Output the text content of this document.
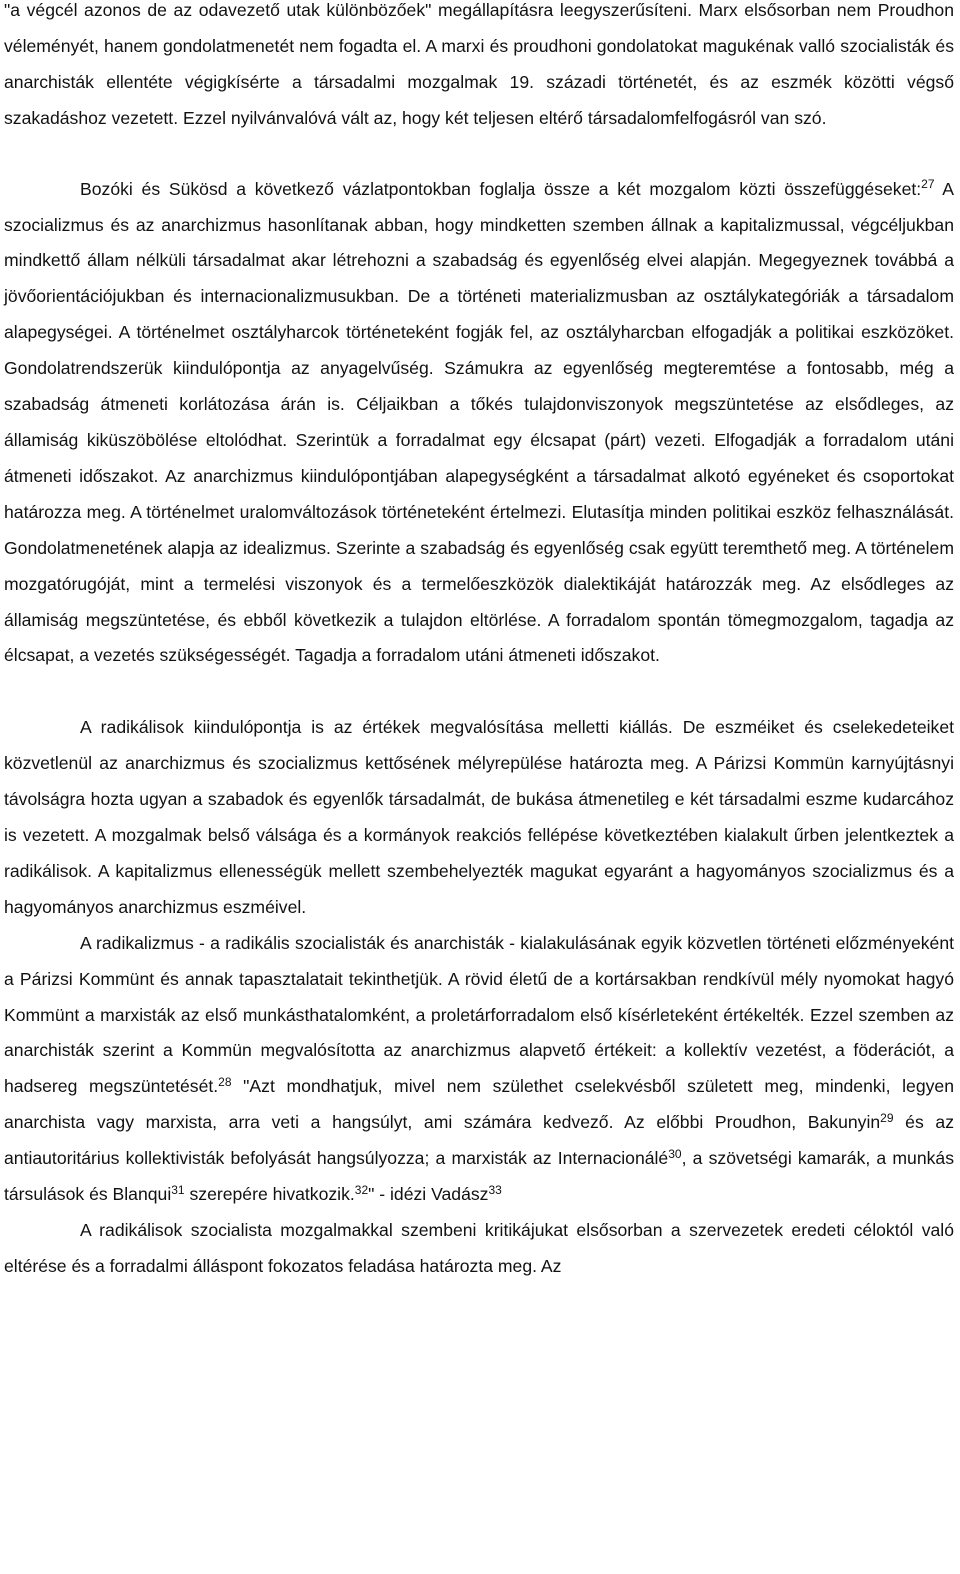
"a végcél azonos de az odavezető utak különbözőek" megállapításra leegyszerűsíteni. Marx elsősorban nem Proudhon véleményét, hanem gondolatmenetét nem fogadta el. A marxi és proudhoni gondolatokat magukénak valló szocialisták és anarchisták ellentéte végigkísérte a társadalmi mozgalmak 19. századi történetét, és az eszmék közötti végső szakadáshoz vezetett. Ezzel nyilvánvalóvá vált az, hogy két teljesen eltérő társadalomfelfogásról van szó.

Bozóki és Sükösd a következő vázlatpontokban foglalja össze a két mozgalom közti összefüggéseket:$^{27}$ A szocializmus és az anarchizmus hasonlítanak abban, hogy mindketten szemben állnak a kapitalizmussal, végcéljukban mindkettő állam nélküli társadalmat akar létrehozni a szabadság és egyenlőség elvei alapján. Megegyeznek továbbá a jövőorientációjukban és internacionalizmusukban. De a történeti materializmusban az osztálykategóriák a társadalom alapegységei. A történelmet osztályharcok történeteként fogják fel, az osztályharcban elfogadják a politikai eszközöket. Gondolatrendszerük kiindulópontja az anyagelvűség. Számukra az egyenlőség megteremtése a fontosabb, még a szabadság átmeneti korlátozása árán is. Céljaikban a tőkés tulajdonviszonyok megszüntetése az elsődleges, az államiság kiküszöbölése eltolódhat. Szerintük a forradalmat egy élcsapat (párt) vezeti. Elfogadják a forradalom utáni átmeneti időszakot. Az anarchizmus kiindulópontjában alapegységként a társadalmat alkotó egyéneket és csoportokat határozza meg. A történelmet uralomváltozások történeteként értelmezi. Elutasítja minden politikai eszköz felhasználását. Gondolatmenetének alapja az idealizmus. Szerinte a szabadság és egyenlőség csak együtt teremthető meg. A történelem mozgatórugóját, mint a termelési viszonyok és a termelőeszközök dialektikáját határozzák meg. Az elsődleges az államiság megszüntetése, és ebből következik a tulajdon eltörlése. A forradalom spontán tömegmozgalom, tagadja az élcsapat, a vezetés szükségességét. Tagadja a forradalom utáni átmeneti időszakot.

A radikálisok kiindulópontja is az értékek megvalósítása melletti kiállás. De eszméiket és cselekedeteiket közvetlenül az anarchizmus és szocializmus kettősének mélyrepülése határozta meg. A Párizsi Kommün karnyújtásnyi távolságra hozta ugyan a szabadok és egyenlők társadalmát, de bukása átmenetileg e két társadalmi eszme kudarcához is vezetett. A mozgalmak belső válsága és a kormányok reakciós fellépése következtében kialakult űrben jelentkeztek a radikálisok. A kapitalizmus ellenességük mellett szembehelyezték magukat egyaránt a hagyományos szocializmus és a hagyományos anarchizmus eszméivel.

A radikalizmus - a radikális szocialisták és anarchisták - kialakulásának egyik közvetlen történeti előzményeként a Párizsi Kommünt és annak tapasztalatait tekinthetjük. A rövid életű de a kortársakban rendkívül mély nyomokat hagyó Kommünt a marxisták az első munkásthatalomként, a proletárforradalom első kísérleteként értékelték. Ezzel szemben az anarchisták szerint a Kommün megvalósította az anarchizmus alapvető értékeit: a kollektív vezetést, a föderációt, a hadsereg megszüntetését.$^{28}$ "Azt mondhatjuk, mivel nem születhet cselekvésből született meg, mindenki, legyen anarchista vagy marxista, arra veti a hangsúlyt, ami számára kedvező. Az előbbi Proudhon, Bakunyin$^{29}$ és az antiautoritárius kollektivisták befolyását hangsúlyozza; a marxisták az Internacionálé$^{30}$, a szövetségi kamarák, a munkás társulások és Blanqui$^{31}$ szerepére hivatkozik.$^{32}$" - idézi Vadász$^{33}$

A radikálisok szocialista mozgalmakkal szembeni kritikájukat elsősorban a szervezetek eredeti céloktól való eltérése és a forradalmi álláspont fokozatos feladása határozta meg. Az
